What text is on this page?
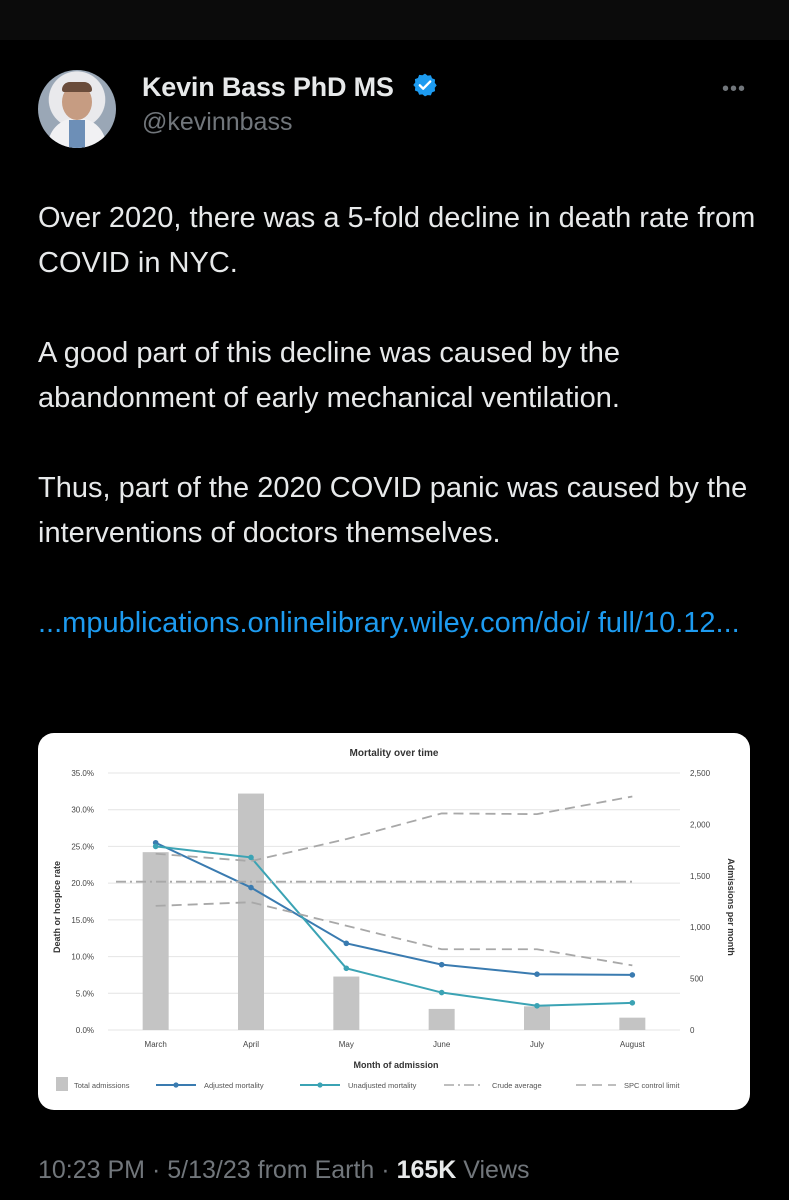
Kevin Bass PhD MS
@kevinnbass
•••

Over 2020, there was a 5-fold decline in death rate from COVID in NYC.

A good part of this decline was caused by the abandonment of early mechanical ventilation.

Thus, part of the 2020 COVID panic was caused by the interventions of doctors themselves.

...mpublications.onlinelibrary.wiley.com/doi/ full/10.12...

Mortality over time
Death or hospice rate	Admissions per month
Month of admission
0.0%
5.0%
10.0%
15.0%
20.0%
25.0%
30.0%
35.0%
0
500
1,000
1,500
2,000
2,500
March	April	May	June	July	August
Total admissions	Adjusted mortality	Unadjusted mortality	Crude average	SPC control limit
10:23 PM · 5/13/23 from Earth · 165K Views
